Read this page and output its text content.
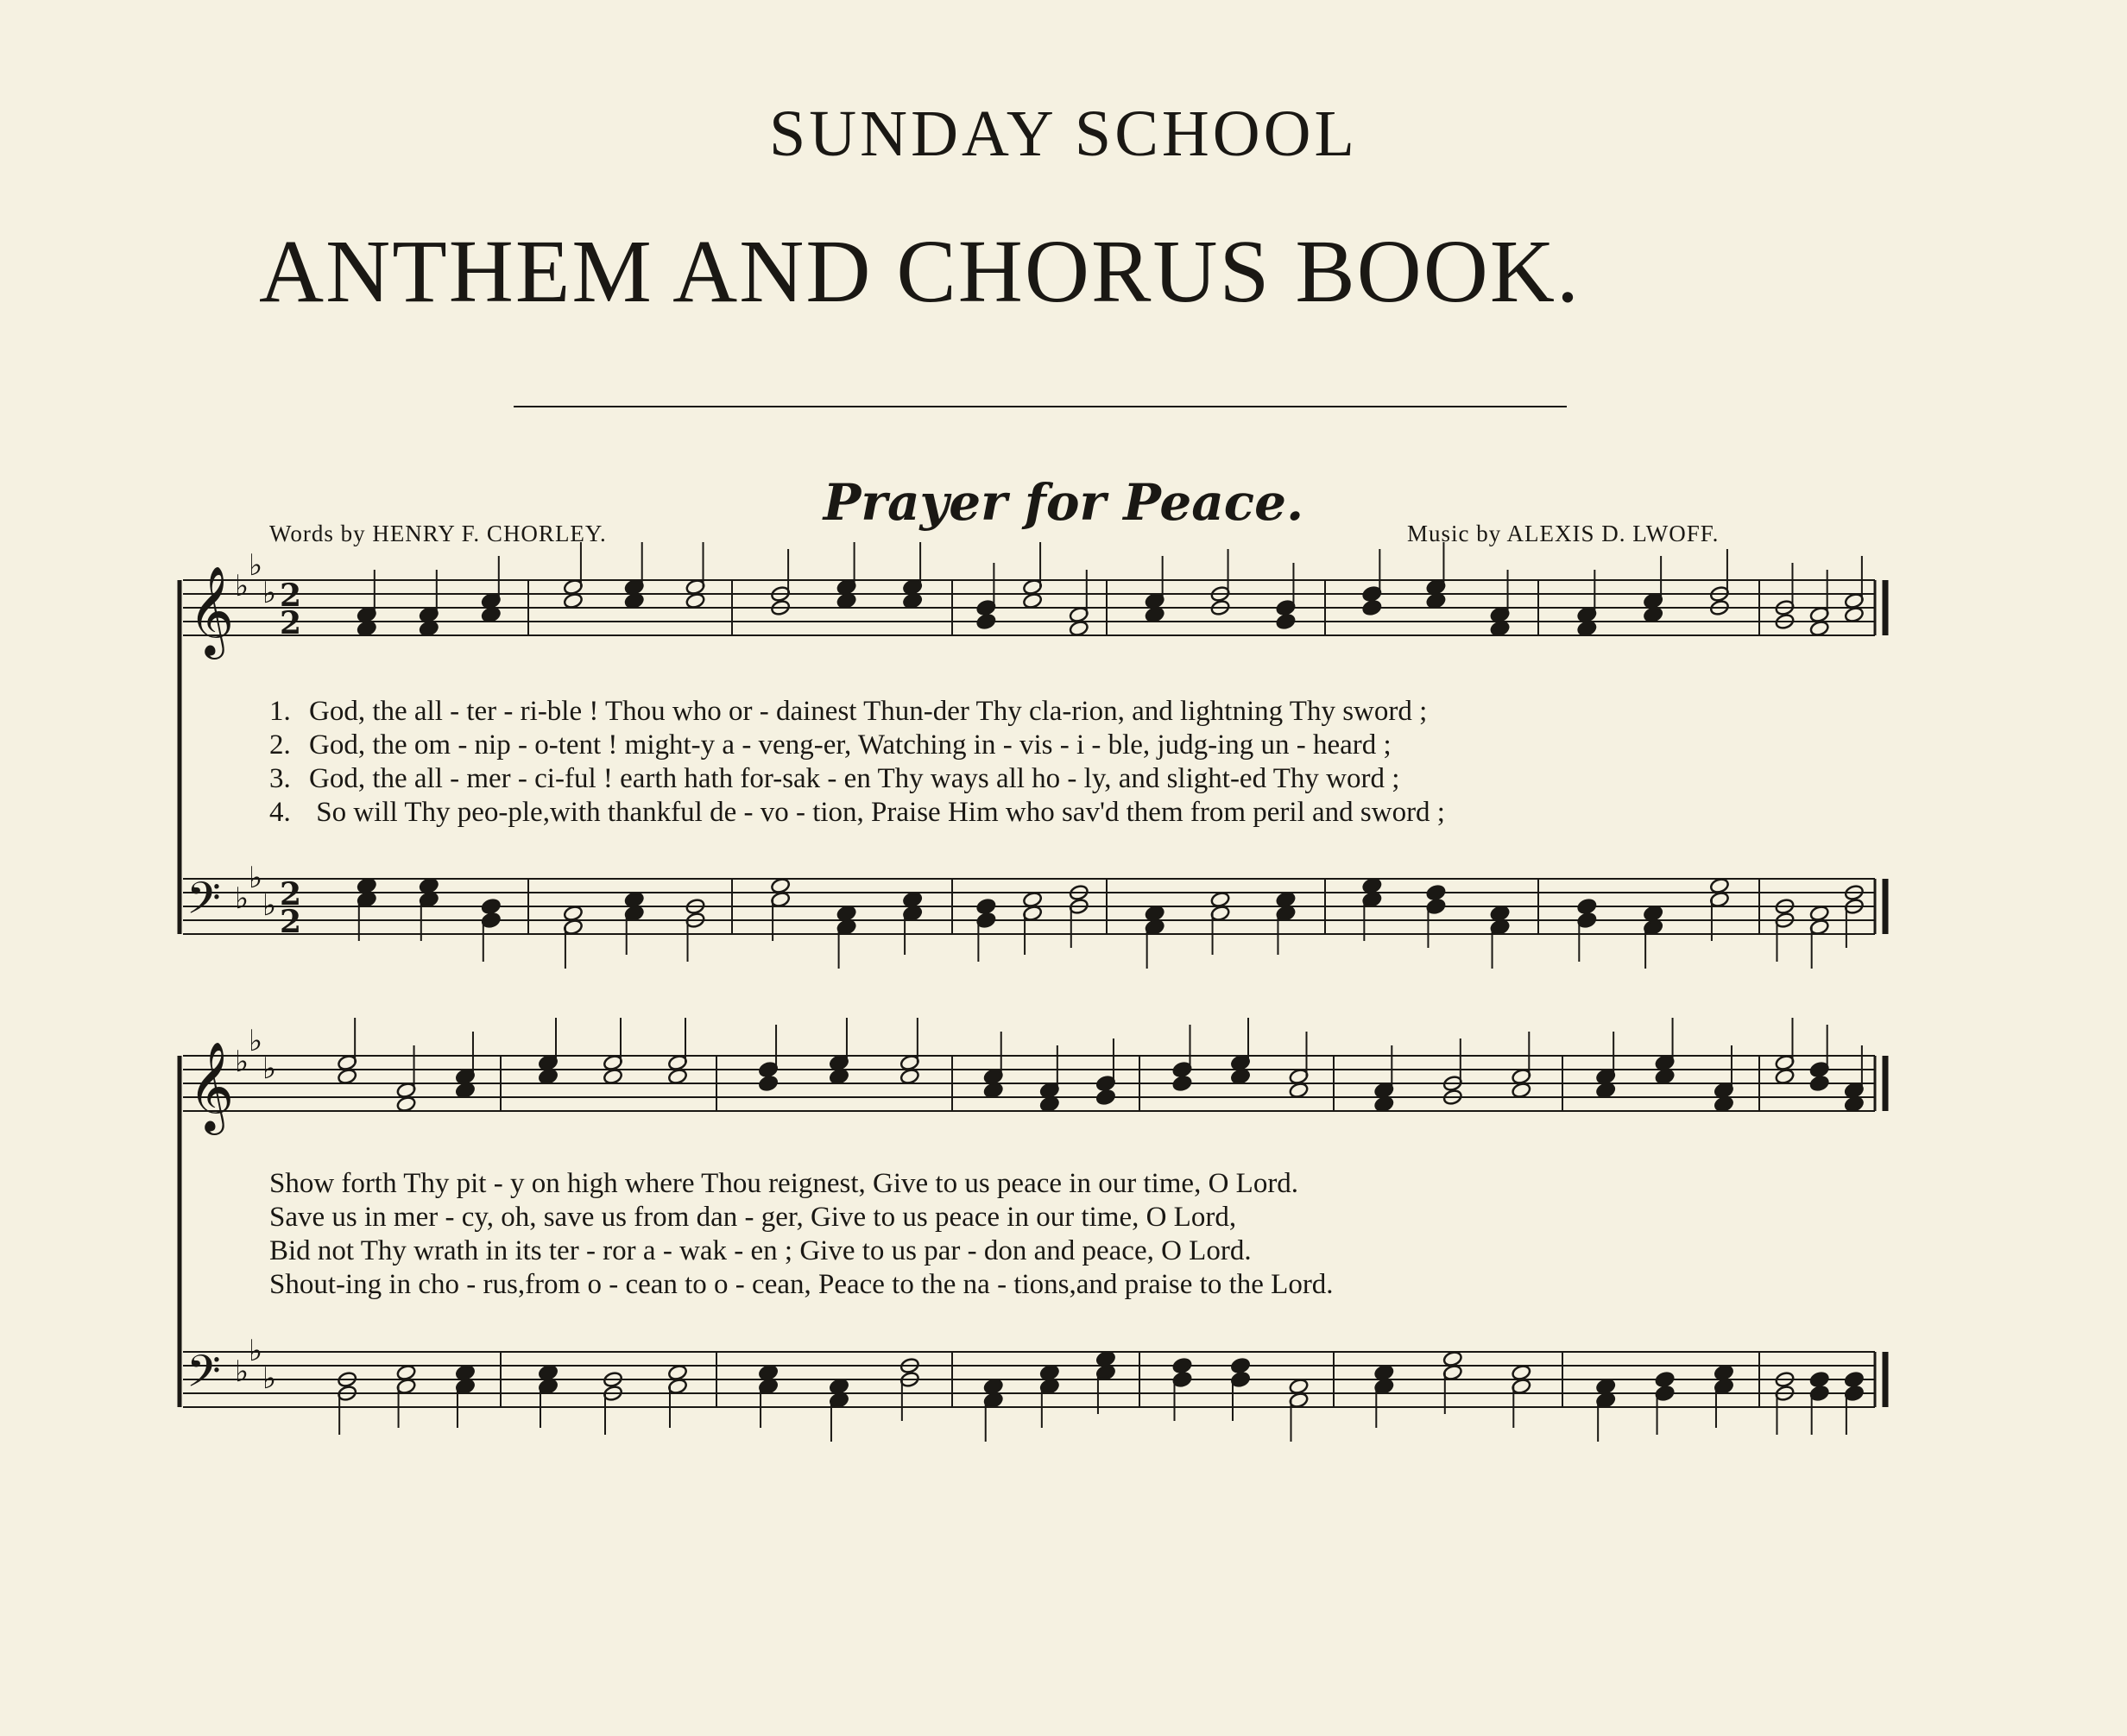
SUNDAY SCHOOL
ANTHEM AND CHORUS BOOK.
Prayer for Peace.
Words by HENRY F. CHORLEY.	Music by ALEXIS D. LWOFF.
𝄞
𝄢
♭
♭
♭
♭
♭
♭
2
2
2
2
𝄞
𝄢
♭
♭
♭
♭
♭
♭
1. God, the all - ter - ri-ble ! Thou who or - dainest Thun-der Thy cla-rion, and lightning Thy sword ;
2. God, the om - nip - o-tent ! might-y a - veng-er, Watching in - vis - i - ble, judg-ing un - heard ;
3. God, the all - mer - ci-ful ! earth hath for-sak - en Thy ways all ho - ly, and slight-ed Thy word ;
4. So will Thy peo-ple,with thankful de - vo - tion, Praise Him who sav'd them from peril and sword ;
Show forth Thy pit - y on high where Thou reignest, Give to us peace in our time, O Lord.
Save us in mer - cy, oh, save us from dan - ger, Give to us peace in our time, O Lord,
Bid not Thy wrath in its ter - ror a - wak - en ; Give to us par - don and peace, O Lord.
Shout-ing in cho - rus,from o - cean to o - cean, Peace to the na - tions,and praise to the Lord.
